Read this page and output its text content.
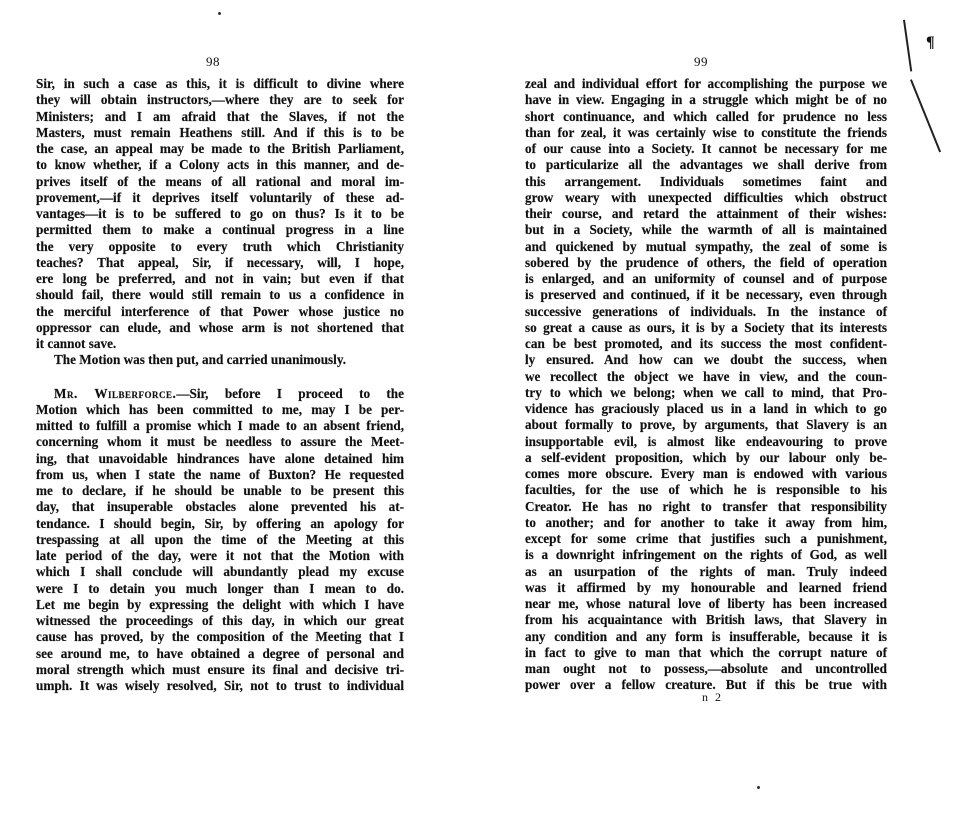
98
Sir, in such a case as this, it is difficult to divine where
they will obtain instructors,—where they are to seek for
Ministers; and I am afraid that the Slaves, if not the
Masters, must remain Heathens still. And if this is to be
the case, an appeal may be made to the British Parliament,
to know whether, if a Colony acts in this manner, and de-
prives itself of the means of all rational and moral im-
provement,—if it deprives itself voluntarily of these ad-
vantages—it is to be suffered to go on thus? Is it to be
permitted them to make a continual progress in a line
the very opposite to every truth which Christianity
teaches? That appeal, Sir, if necessary, will, I hope,
ere long be preferred, and not in vain; but even if that
should fail, there would still remain to us a confidence in
the merciful interference of that Power whose justice no
oppressor can elude, and whose arm is not shortened that
it cannot save.
The Motion was then put, and carried unanimously.
Mr. Wilberforce.—Sir, before I proceed to the
Motion which has been committed to me, may I be per-
mitted to fulfill a promise which I made to an absent friend,
concerning whom it must be needless to assure the Meet-
ing, that unavoidable hindrances have alone detained him
from us, when I state the name of Buxton? He requested
me to declare, if he should be unable to be present this
day, that insuperable obstacles alone prevented his at-
tendance. I should begin, Sir, by offering an apology for
trespassing at all upon the time of the Meeting at this
late period of the day, were it not that the Motion with
which I shall conclude will abundantly plead my excuse
were I to detain you much longer than I mean to do.
Let me begin by expressing the delight with which I have
witnessed the proceedings of this day, in which our great
cause has proved, by the composition of the Meeting that I
see around me, to have obtained a degree of personal and
moral strength which must ensure its final and decisive tri-
umph. It was wisely resolved, Sir, not to trust to individual
99
zeal and individual effort for accomplishing the purpose we
have in view. Engaging in a struggle which might be of no
short continuance, and which called for prudence no less
than for zeal, it was certainly wise to constitute the friends
of our cause into a Society. It cannot be necessary for me
to particularize all the advantages we shall derive from
this arrangement. Individuals sometimes faint and
grow weary with unexpected difficulties which obstruct
their course, and retard the attainment of their wishes:
but in a Society, while the warmth of all is maintained
and quickened by mutual sympathy, the zeal of some is
sobered by the prudence of others, the field of operation
is enlarged, and an uniformity of counsel and of purpose
is preserved and continued, if it be necessary, even through
successive generations of individuals. In the instance of
so great a cause as ours, it is by a Society that its interests
can be best promoted, and its success the most confident-
ly ensured. And how can we doubt the success, when
we recollect the object we have in view, and the coun-
try to which we belong; when we call to mind, that Pro-
vidence has graciously placed us in a land in which to go
about formally to prove, by arguments, that Slavery is an
insupportable evil, is almost like endeavouring to prove
a self-evident proposition, which by our labour only be-
comes more obscure. Every man is endowed with various
faculties, for the use of which he is responsible to his
Creator. He has no right to transfer that responsibility
to another; and for another to take it away from him,
except for some crime that justifies such a punishment,
is a downright infringement on the rights of God, as well
as an usurpation of the rights of man. Truly indeed
was it affirmed by my honourable and learned friend
near me, whose natural love of liberty has been increased
from his acquaintance with British laws, that Slavery in
any condition and any form is insufferable, because it is
in fact to give to man that which the corrupt nature of
man ought not to possess,—absolute and uncontrolled
power over a fellow creature. But if this be true with
n 2
¶
